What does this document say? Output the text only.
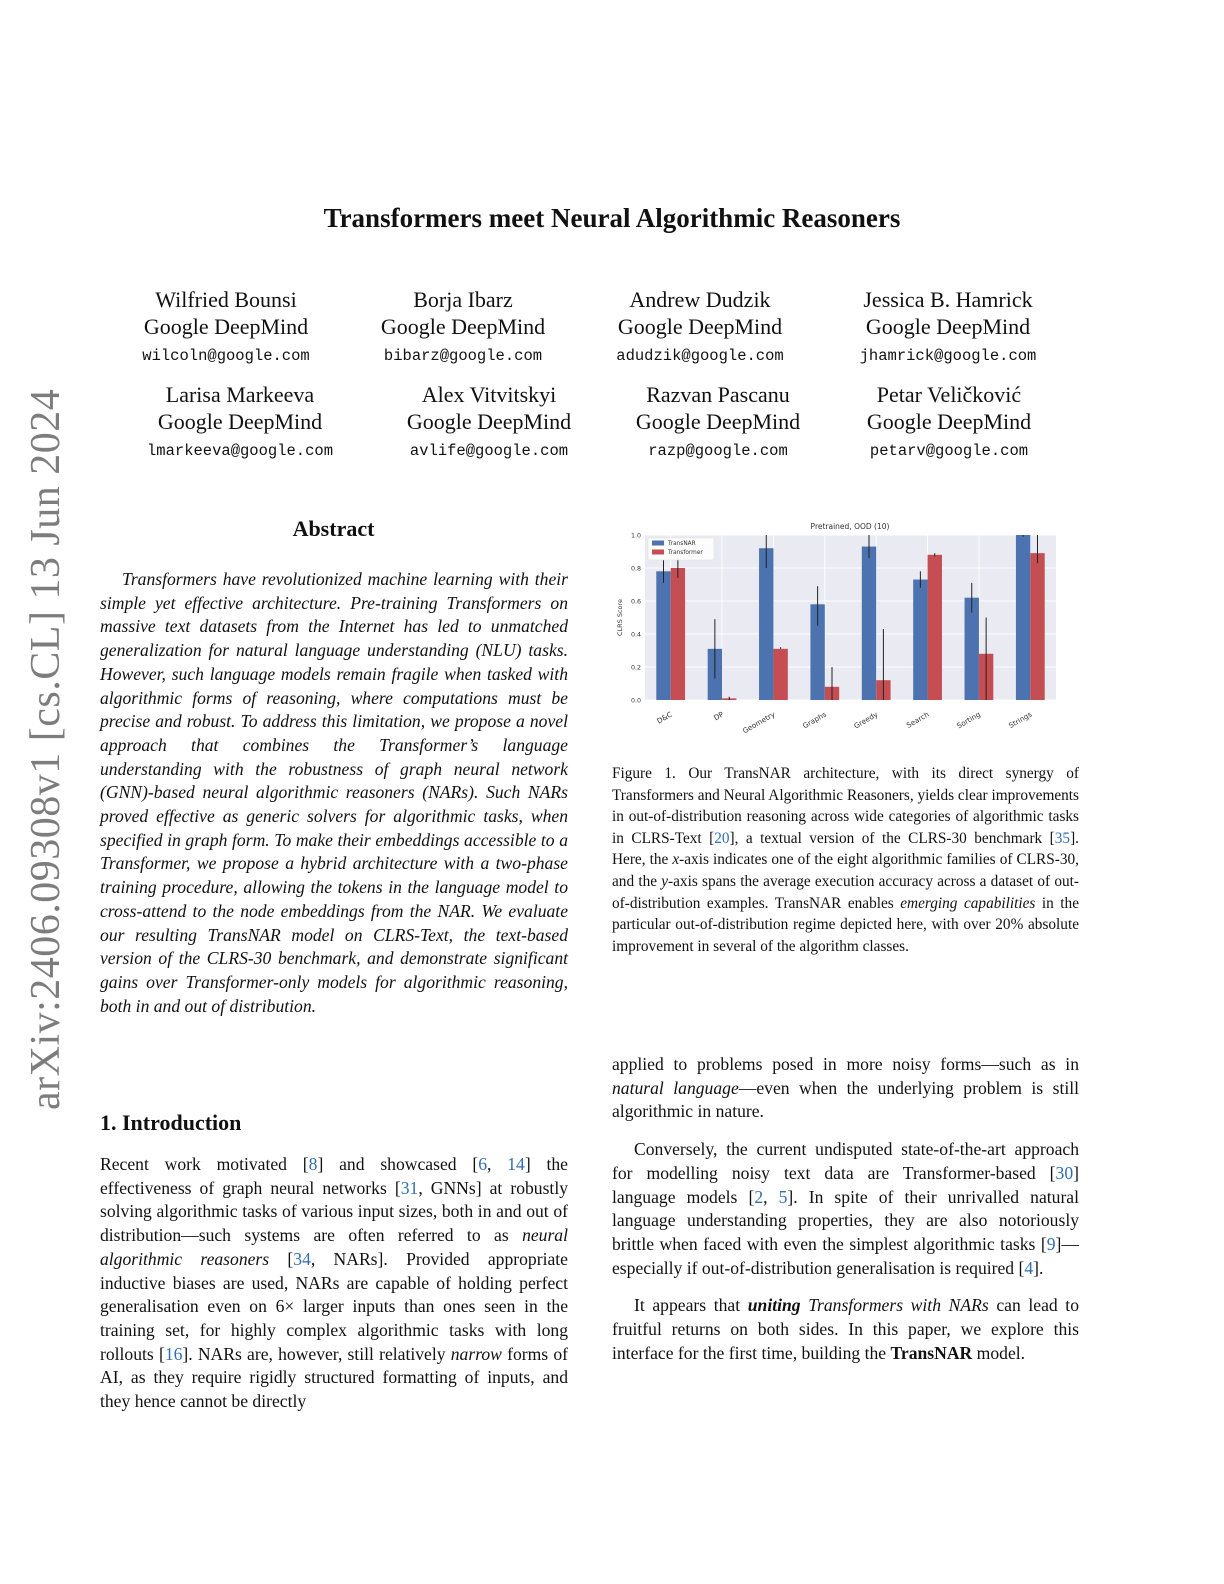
arXiv:2406.09308v1 [cs.CL] 13 Jun 2024
Transformers meet Neural Algorithmic Reasoners
Wilfried Bounsi
Google DeepMind
wilcoln@google.com
Borja Ibarz
Google DeepMind
bibarz@google.com
Andrew Dudzik
Google DeepMind
adudzik@google.com
Jessica B. Hamrick
Google DeepMind
jhamrick@google.com
Larisa Markeeva
Google DeepMind
lmarkeeva@google.com
Alex Vitvitskyi
Google DeepMind
avlife@google.com
Razvan Pascanu
Google DeepMind
razp@google.com
Petar Veličković
Google DeepMind
petarv@google.com
Abstract
Transformers have revolutionized machine learning with their simple yet effective architecture. Pre-training Transformers on massive text datasets from the Internet has led to unmatched generalization for natural language understanding (NLU) tasks. However, such language models remain fragile when tasked with algorithmic forms of reasoning, where computations must be precise and robust. To address this limitation, we propose a novel approach that combines the Transformer’s language understanding with the robustness of graph neural network (GNN)-based neural algorithmic reasoners (NARs). Such NARs proved effective as generic solvers for algorithmic tasks, when specified in graph form. To make their embeddings accessible to a Transformer, we propose a hybrid architecture with a two-phase training procedure, allowing the tokens in the language model to cross-attend to the node embeddings from the NAR. We evaluate our resulting TransNAR model on CLRS-Text, the text-based version of the CLRS-30 benchmark, and demonstrate significant gains over Transformer-only models for algorithmic reasoning, both in and out of distribution.
1. Introduction
Recent work motivated [8] and showcased [6, 14] the effectiveness of graph neural networks [31, GNNs] at robustly solving algorithmic tasks of various input sizes, both in and out of distribution—such systems are often referred to as neural algorithmic reasoners [34, NARs]. Provided appropriate inductive biases are used, NARs are capable of holding perfect generalisation even on 6× larger inputs than ones seen in the training set, for highly complex algorithmic tasks with long rollouts [16]. NARs are, however, still relatively narrow forms of AI, as they require rigidly structured formatting of inputs, and they hence cannot be directly
Pretrained, OOD (10)
0.0
0.2
0.4
0.6
0.8
1.0
D&C	DP Geometry	Graphs	Greedy	Search	Sorting	Strings
CLRS Score
TransNAR
Transformer
Figure 1. Our TransNAR architecture, with its direct synergy of Transformers and Neural Algorithmic Reasoners, yields clear improvements in out-of-distribution reasoning across wide categories of algorithmic tasks in CLRS-Text [20], a textual version of the CLRS-30 benchmark [35]. Here, the x-axis indicates one of the eight algorithmic families of CLRS-30, and the y-axis spans the average execution accuracy across a dataset of out-of-distribution examples. TransNAR enables emerging capabilities in the particular out-of-distribution regime depicted here, with over 20% absolute improvement in several of the algorithm classes.

applied to problems posed in more noisy forms—such as in natural language—even when the underlying problem is still algorithmic in nature.

Conversely, the current undisputed state-of-the-art approach for modelling noisy text data are Transformer-based [30] language models [2, 5]. In spite of their unrivalled natural language understanding properties, they are also notoriously brittle when faced with even the simplest algorithmic tasks [9]—especially if out-of-distribution generalisation is required [4].

It appears that uniting Transformers with NARs can lead to fruitful returns on both sides. In this paper, we explore this interface for the first time, building the TransNAR model.
